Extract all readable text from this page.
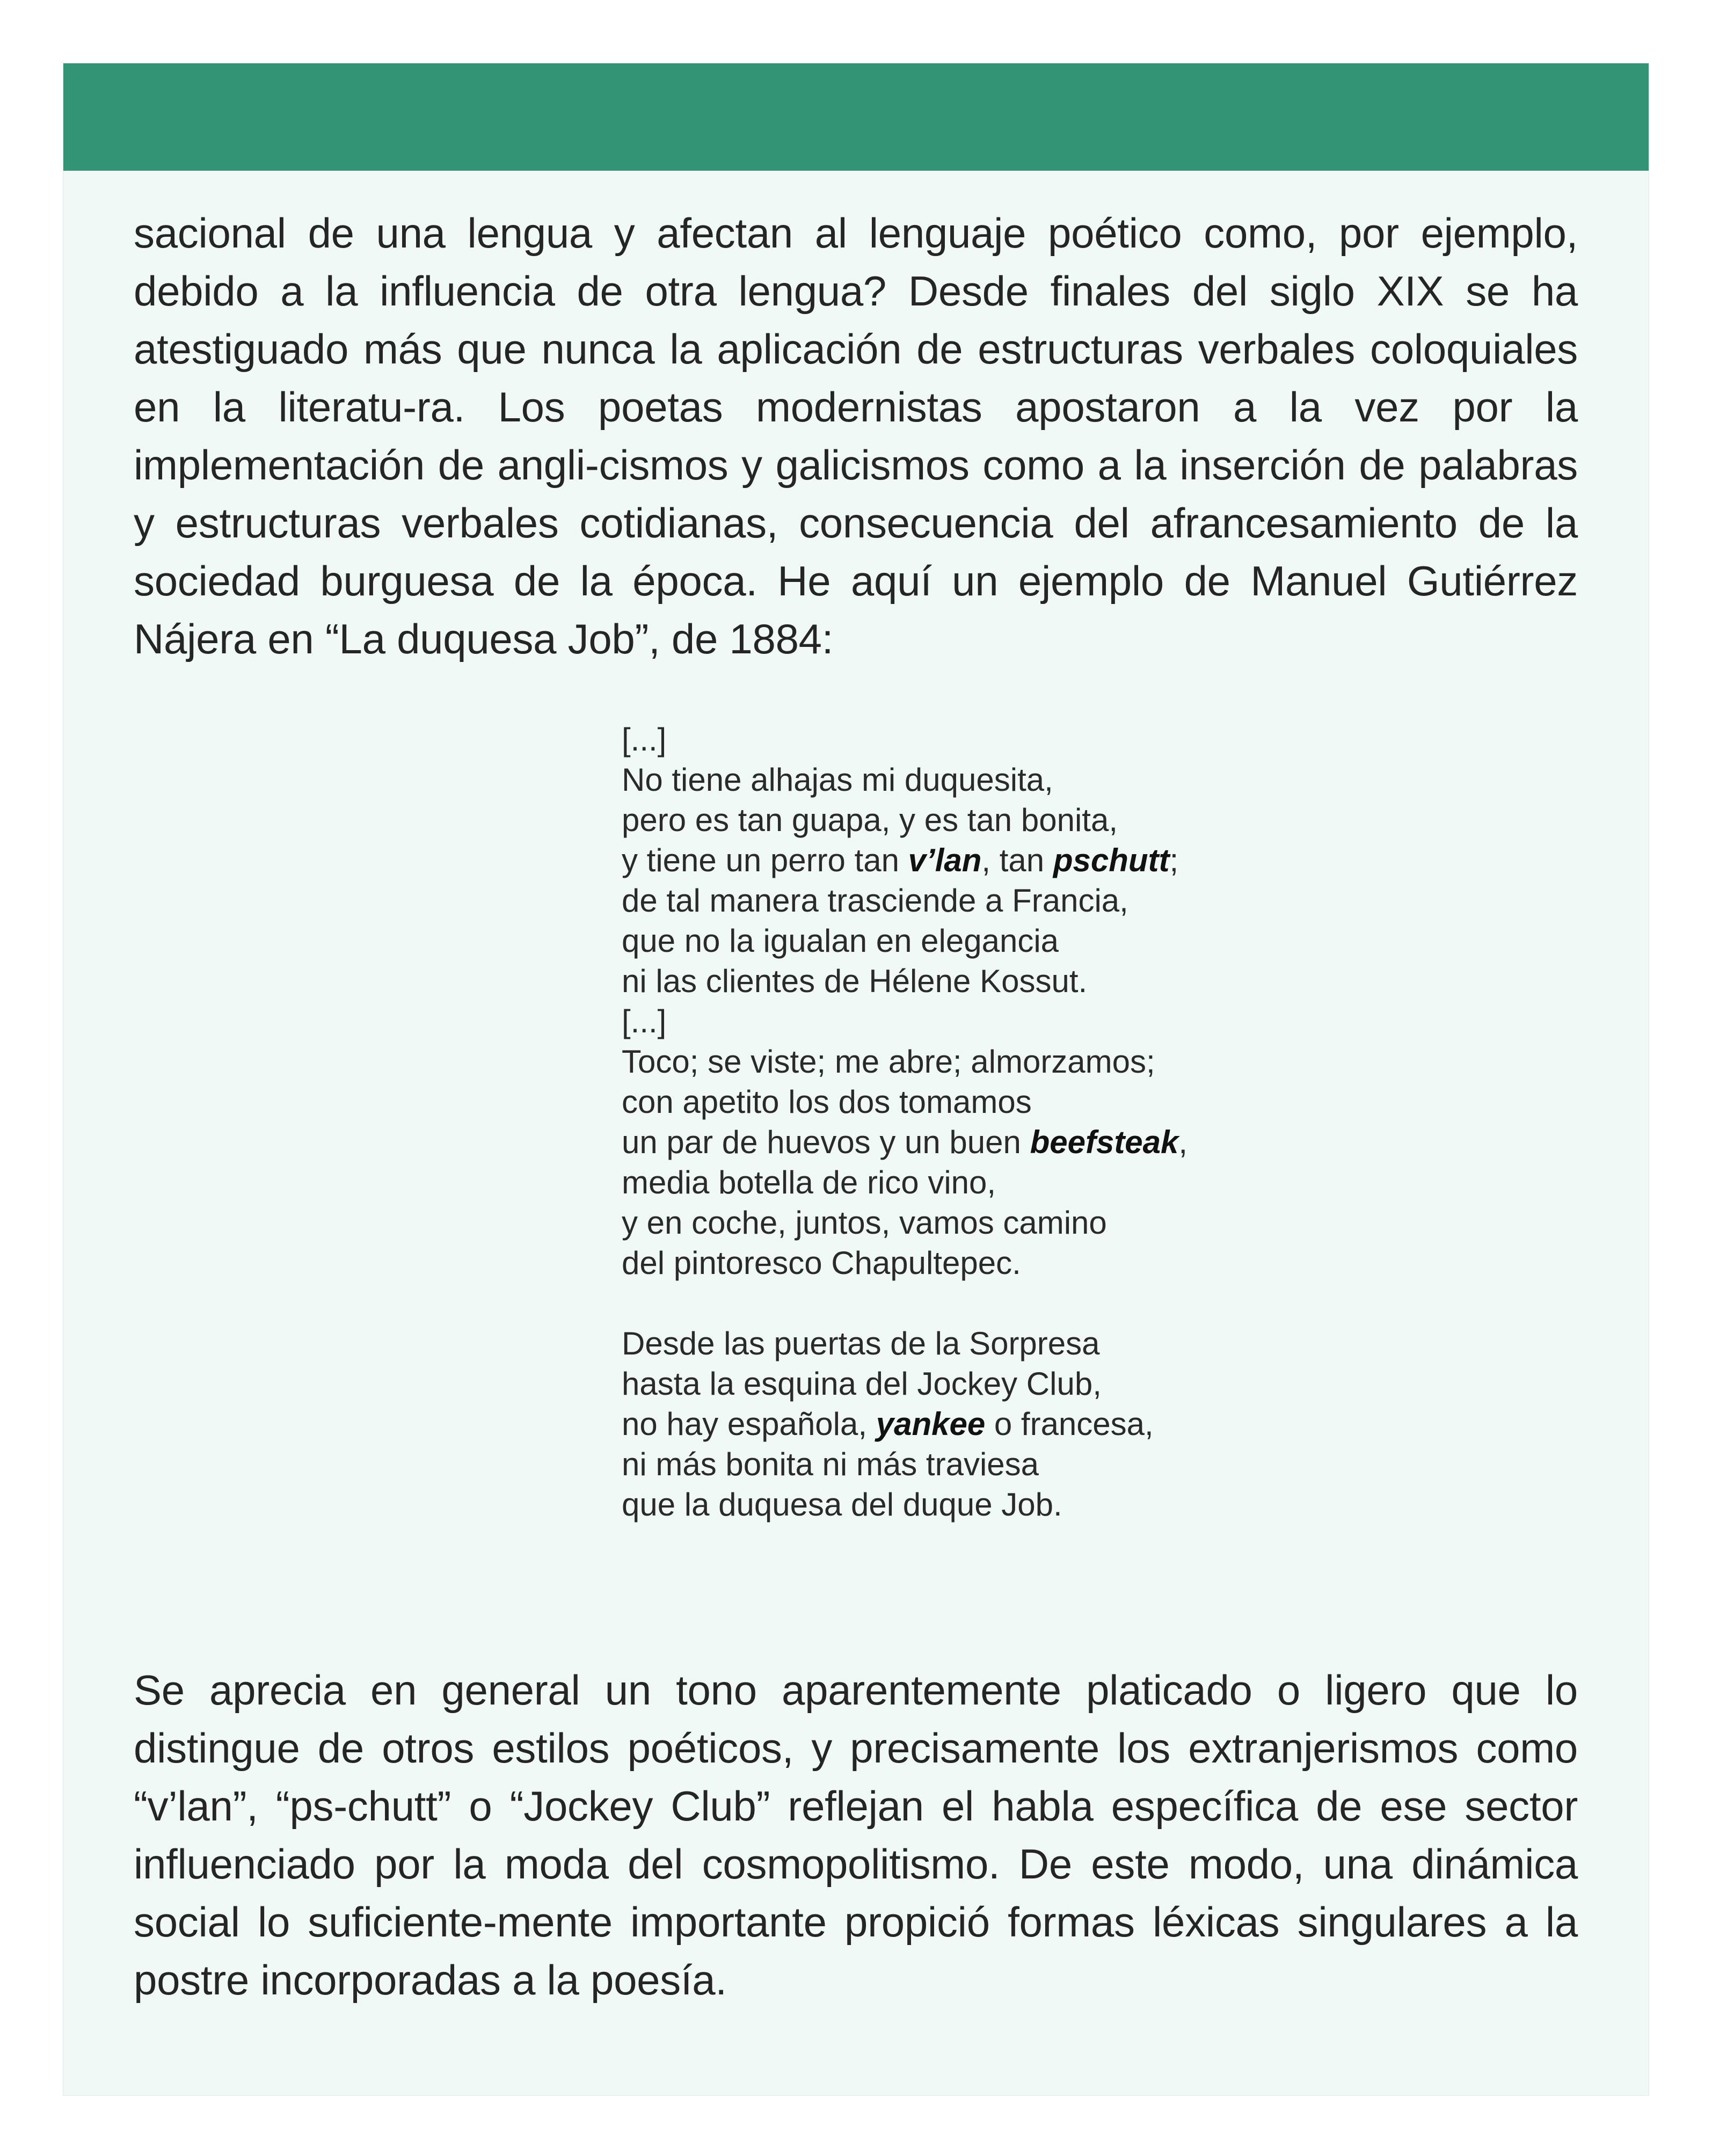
sacional de una lengua y afectan al lenguaje poético como, por ejemplo, debido a la influencia de otra lengua? Desde finales del siglo XIX se ha atestiguado más que nunca la aplicación de estructuras verbales coloquiales en la literatu-ra. Los poetas modernistas apostaron a la vez por la implementación de angli-cismos y galicismos como a la inserción de palabras y estructuras verbales cotidianas, consecuencia del afrancesamiento de la sociedad burguesa de la época. He aquí un ejemplo de Manuel Gutiérrez Nájera en “La duquesa Job”, de 1884:

[...]
No tiene alhajas mi duquesita,
pero es tan guapa, y es tan bonita,
y tiene un perro tan v’lan, tan pschutt;
de tal manera trasciende a Francia,
que no la igualan en elegancia
ni las clientes de Hélene Kossut.
[...]
Toco; se viste; me abre; almorzamos;
con apetito los dos tomamos
un par de huevos y un buen beefsteak,
media botella de rico vino,
y en coche, juntos, vamos camino
del pintoresco Chapultepec.
Desde las puertas de la Sorpresa
hasta la esquina del Jockey Club,
no hay española, yankee o francesa,
ni más bonita ni más traviesa
que la duquesa del duque Job.

Se aprecia en general un tono aparentemente platicado o ligero que lo distingue de otros estilos poéticos, y precisamente los extranjerismos como “v’lan”, “ps-chutt” o “Jockey Club” reflejan el habla específica de ese sector influenciado por la moda del cosmopolitismo. De este modo, una dinámica social lo suficiente-mente importante propició formas léxicas singulares a la postre incorporadas a la poesía.
